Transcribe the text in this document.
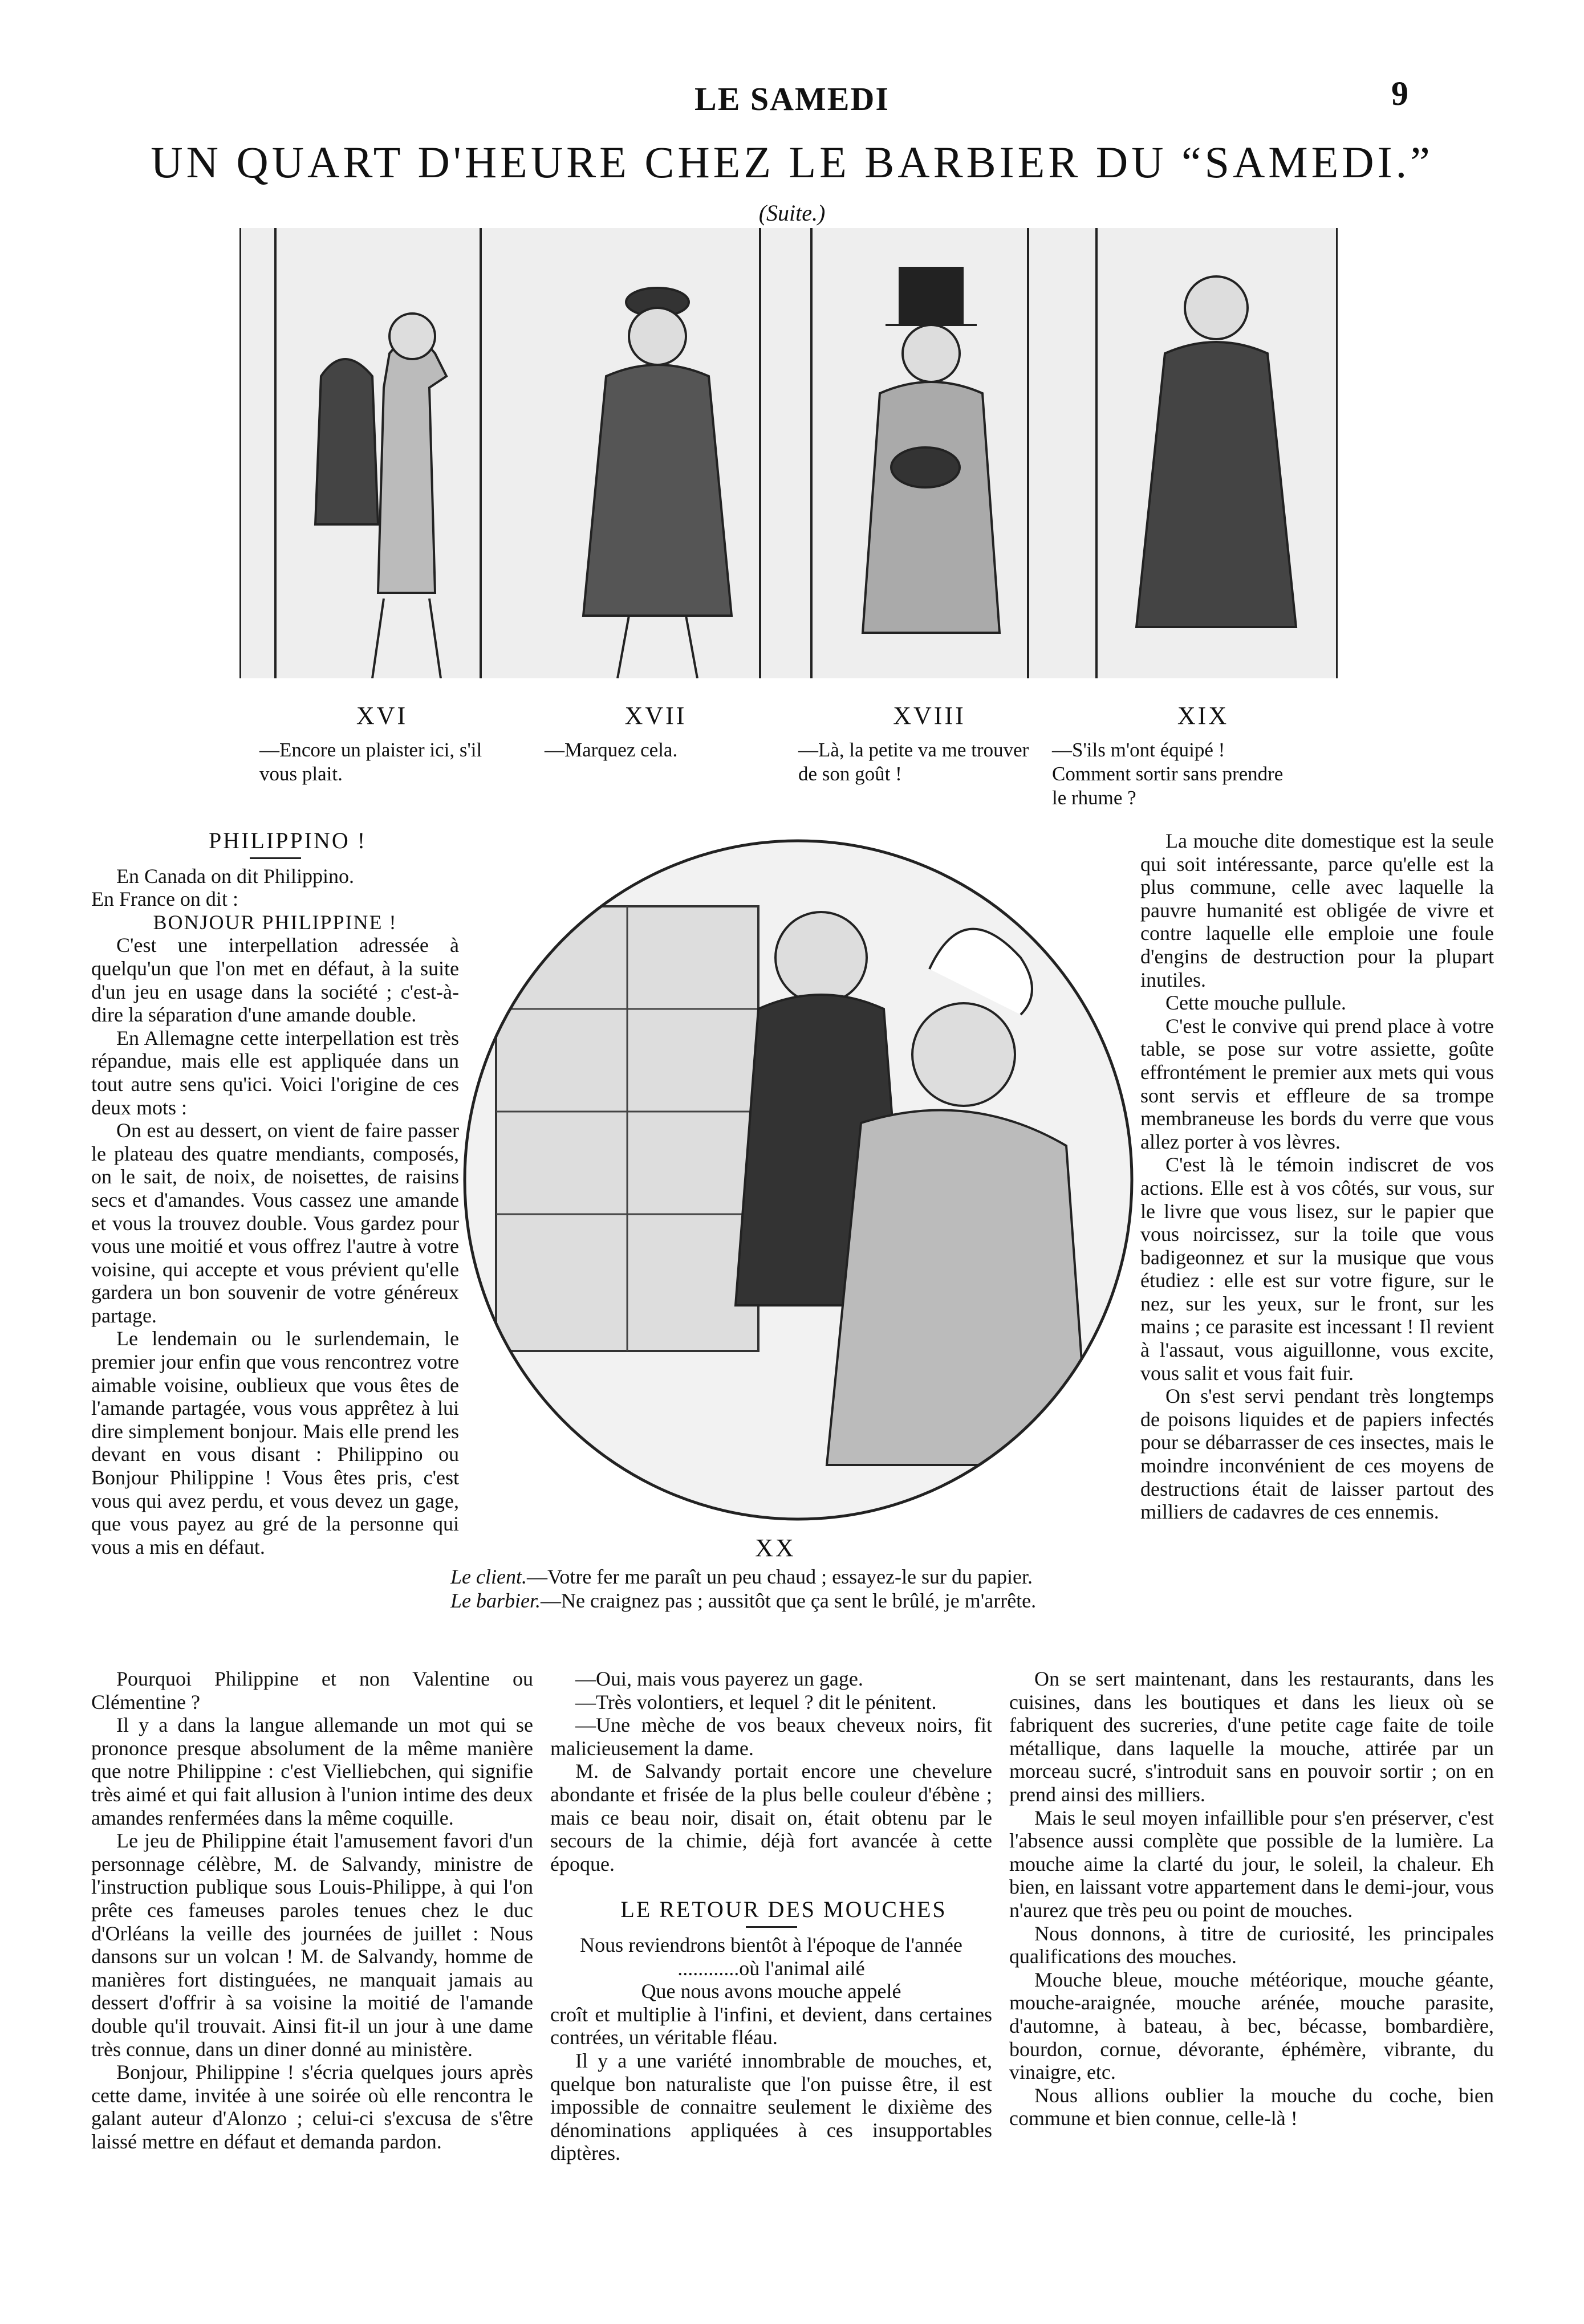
LE SAMEDI	9
UN QUART D'HEURE CHEZ LE BARBIER DU “SAMEDI.”
(Suite.)
XVI	XVII	XVIII	XIX
—Encore un plaister ici, s'il vous plait.
—Marquez cela.	—Là, la petite va me trouver de son goût !
—S'ils m'ont équipé ! Comment sortir sans prendre le rhume ?
XX
Le client.—Votre fer me paraît un peu chaud ; essayez-le sur du papier.
Le barbier.—Ne craignez pas ; aussitôt que ça sent le brûlé, je m'arrête.

PHILIPPINO !

En Canada on dit Philippino.

En France on dit :

BONJOUR PHILIPPINE !

C'est une interpellation adressée à quelqu'un que l'on met en défaut, à la suite d'un jeu en usage dans la société ; c'est-à-dire la séparation d'une amande double.

En Allemagne cette interpellation est très répandue, mais elle est appliquée dans un tout autre sens qu'ici. Voici l'origine de ces deux mots :

On est au dessert, on vient de faire passer le plateau des quatre mendiants, composés, on le sait, de noix, de noisettes, de raisins secs et d'amandes. Vous cassez une amande et vous la trouvez double. Vous gardez pour vous une moitié et vous offrez l'autre à votre voisine, qui accepte et vous prévient qu'elle gardera un bon souvenir de votre généreux partage.

Le lendemain ou le surlendemain, le premier jour enfin que vous rencontrez votre aimable voisine, oublieux que vous êtes de l'amande partagée, vous vous apprêtez à lui dire simplement bonjour. Mais elle prend les devant en vous disant : Philippino ou Bonjour Philippine ! Vous êtes pris, c'est vous qui avez perdu, et vous devez un gage, que vous payez au gré de la personne qui vous a mis en défaut.

Pourquoi Philippine et non Valentine ou Clémentine ?

Il y a dans la langue allemande un mot qui se prononce presque absolument de la même manière que notre Philippine : c'est Vielliebchen, qui signifie très aimé et qui fait allusion à l'union intime des deux amandes renfermées dans la même coquille.

Le jeu de Philippine était l'amusement favori d'un personnage célèbre, M. de Salvandy, ministre de l'instruction publique sous Louis-Philippe, à qui l'on prête ces fameuses paroles tenues chez le duc d'Orléans la veille des journées de juillet : Nous dansons sur un volcan ! M. de Salvandy, homme de manières fort distinguées, ne manquait jamais au dessert d'offrir à sa voisine la moitié de l'amande double qu'il trouvait. Ainsi fit-il un jour à une dame très connue, dans un diner donné au ministère.

Bonjour, Philippine ! s'écria quelques jours après cette dame, invitée à une soirée où elle rencontra le galant auteur d'Alonzo ; celui-ci s'excusa de s'être laissé mettre en défaut et demanda pardon.

—Oui, mais vous payerez un gage.

—Très volontiers, et lequel ? dit le pénitent.

—Une mèche de vos beaux cheveux noirs, fit malicieusement la dame.

M. de Salvandy portait encore une chevelure abondante et frisée de la plus belle couleur d'ébène ; mais ce beau noir, disait on, était obtenu par le secours de la chimie, déjà fort avancée à cette époque.

LE RETOUR DES MOUCHES

Nous reviendrons bientôt à l'époque de l'année

............où l'animal ailé

Que nous avons mouche appelé

croît et multiplie à l'infini, et devient, dans certaines contrées, un véritable fléau.

Il y a une variété innombrable de mouches, et, quelque bon naturaliste que l'on puisse être, il est impossible de connaitre seulement le dixième des dénominations appliquées à ces insupportables diptères.

La mouche dite domestique est la seule qui soit intéressante, parce qu'elle est la plus commune, celle avec laquelle la pauvre humanité est obligée de vivre et contre laquelle elle emploie une foule d'engins de destruction pour la plupart inutiles.

Cette mouche pullule.

C'est le convive qui prend place à votre table, se pose sur votre assiette, goûte effrontément le premier aux mets qui vous sont servis et effleure de sa trompe membraneuse les bords du verre que vous allez porter à vos lèvres.

C'est là le témoin indiscret de vos actions. Elle est à vos côtés, sur vous, sur le livre que vous lisez, sur le papier que vous noircissez, sur la toile que vous badigeonnez et sur la musique que vous étudiez : elle est sur votre figure, sur le nez, sur les yeux, sur le front, sur les mains ; ce parasite est incessant ! Il revient à l'assaut, vous aiguillonne, vous excite, vous salit et vous fait fuir.

On s'est servi pendant très longtemps de poisons liquides et de papiers infectés pour se débarrasser de ces insectes, mais le moindre inconvénient de ces moyens de destructions était de laisser partout des milliers de cadavres de ces ennemis.

On se sert maintenant, dans les restaurants, dans les cuisines, dans les boutiques et dans les lieux où se fabriquent des sucreries, d'une petite cage faite de toile métallique, dans laquelle la mouche, attirée par un morceau sucré, s'introduit sans en pouvoir sortir ; on en prend ainsi des milliers.

Mais le seul moyen infaillible pour s'en préserver, c'est l'absence aussi complète que possible de la lumière. La mouche aime la clarté du jour, le soleil, la chaleur. Eh bien, en laissant votre appartement dans le demi-jour, vous n'aurez que très peu ou point de mouches.

Nous donnons, à titre de curiosité, les principales qualifications des mouches.

Mouche bleue, mouche météorique, mouche géante, mouche-araignée, mouche arénée, mouche parasite, d'automne, à bateau, à bec, bécasse, bombardière, bourdon, cornue, dévorante, éphémère, vibrante, du vinaigre, etc.

Nous allions oublier la mouche du coche, bien commune et bien connue, celle-là !
